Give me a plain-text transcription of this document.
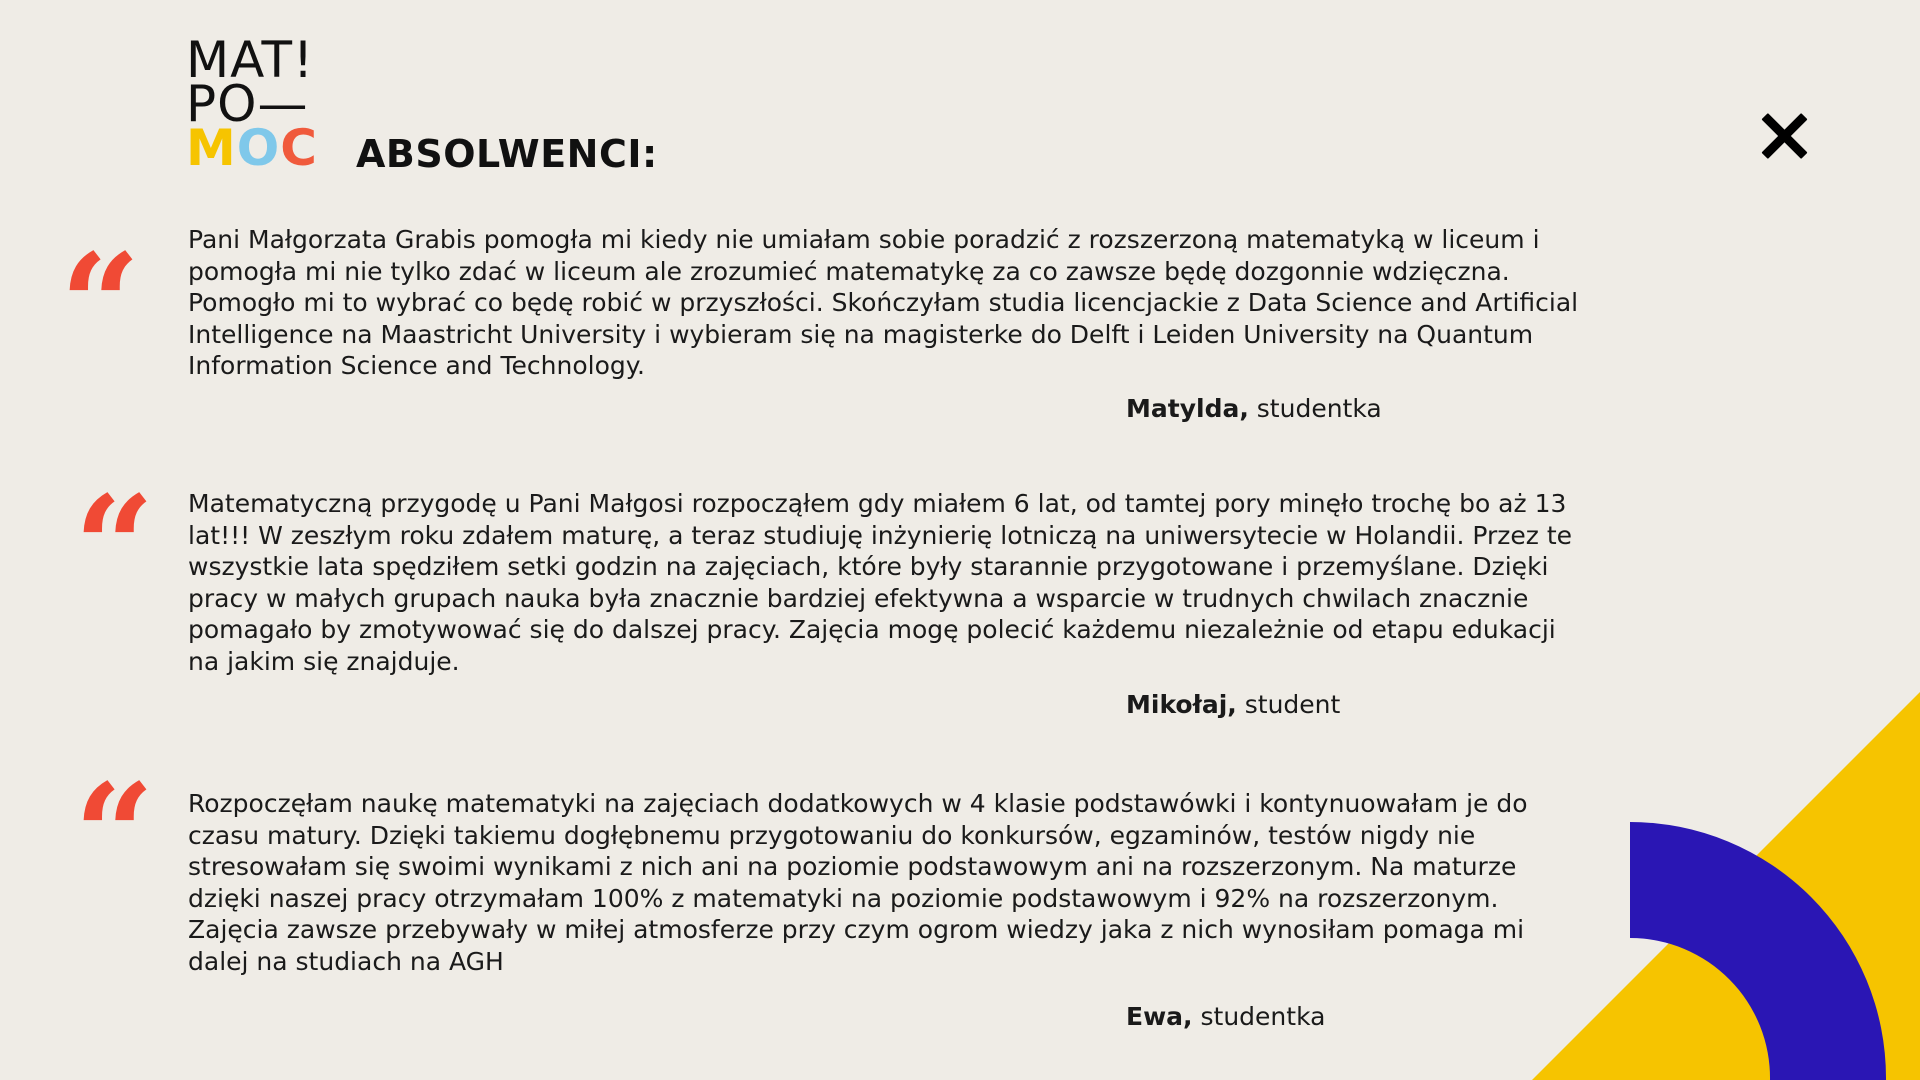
MAT!
PO—
MOC ABSOLWENCI:
“ Pani Małgorzata Grabis pomogła mi kiedy nie umiałam sobie poradzić z rozszerzoną matematyką w liceum i pomogła mi nie tylko zdać w liceum ale zrozumieć matematykę za co zawsze będę dozgonnie wdzięczna. Pomogło mi to wybrać co będę robić w przyszłości. Skończyłam studia licencjackie z Data Science and Artificial Intelligence na Maastricht University i wybieram się na magisterke do Delft i Leiden University na Quantum Information Science and Technology.
Matylda, studentka
“ Matematyczną przygodę u Pani Małgosi rozpocząłem gdy miałem 6 lat, od tamtej pory minęło trochę bo aż 13 lat!!! W zeszłym roku zdałem maturę, a teraz studiuję inżynierię lotniczą na uniwersytecie w Holandii. Przez te wszystkie lata spędziłem setki godzin na zajęciach, które były starannie przygotowane i przemyślane. Dzięki pracy w małych grupach nauka była znacznie bardziej efektywna a wsparcie w trudnych chwilach znacznie pomagało by zmotywować się do dalszej pracy. Zajęcia mogę polecić każdemu niezależnie od etapu edukacji na jakim się znajduje.
Mikołaj, student
“ Rozpoczęłam naukę matematyki na zajęciach dodatkowych w 4 klasie podstawówki i kontynuowałam je do czasu matury. Dzięki takiemu dogłębnemu przygotowaniu do konkursów, egzaminów, testów nigdy nie stresowałam się swoimi wynikami z nich ani na poziomie podstawowym ani na rozszerzonym. Na maturze dzięki naszej pracy otrzymałam 100% z matematyki na poziomie podstawowym i 92% na rozszerzonym. Zajęcia zawsze przebywały w miłej atmosferze przy czym ogrom wiedzy jaka z nich wynosiłam pomaga mi dalej na studiach na AGH
Ewa, studentka
